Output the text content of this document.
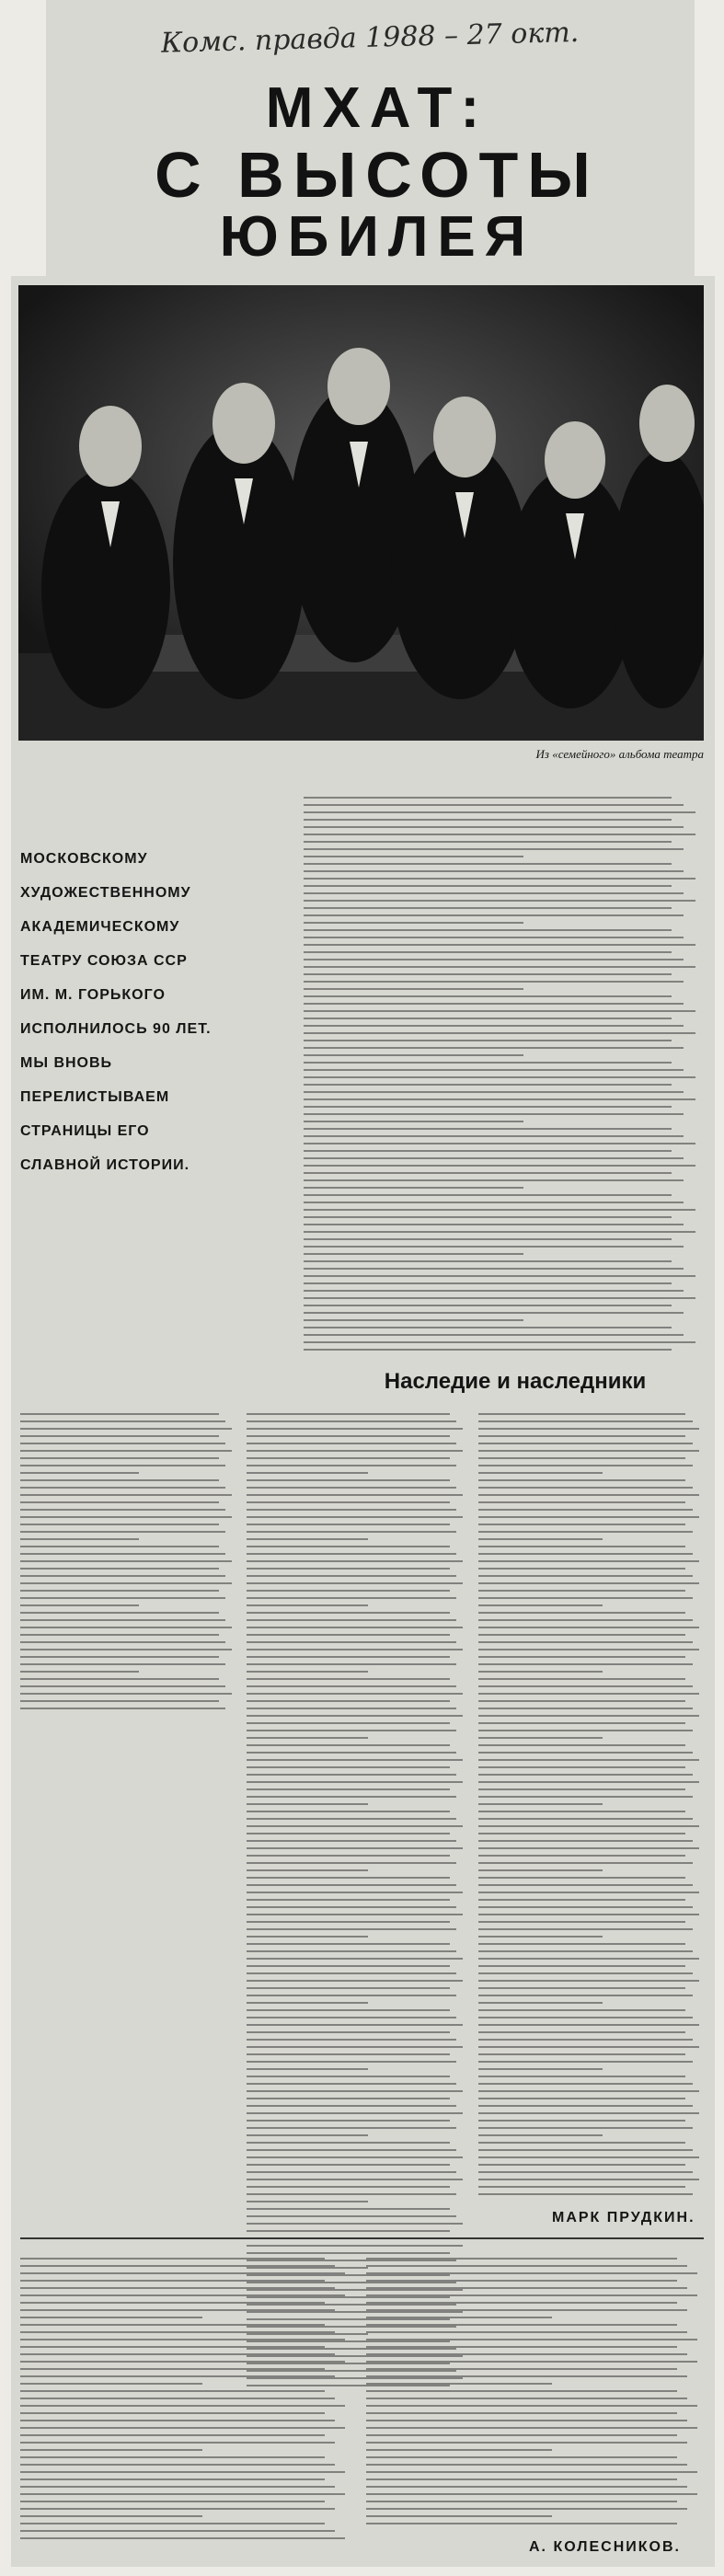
Комс. правда 1988 – 27 окт.
МХАТ:
С ВЫСОТЫ
ЮБИЛЕЯ
Из «семейного» альбома театра
МОСКОВСКОМУ
ХУДОЖЕСТВЕННОМУ
АКАДЕМИЧЕСКОМУ
ТЕАТРУ СОЮЗА ССР
ИМ. М. ГОРЬКОГО
ИСПОЛНИЛОСЬ 90 ЛЕТ.
МЫ ВНОВЬ
ПЕРЕЛИСТЫВАЕМ
СТРАНИЦЫ ЕГО
СЛАВНОЙ ИСТОРИИ.
Наследие и наследники
МАРК ПРУДКИН.
А. КОЛЕСНИКОВ.
